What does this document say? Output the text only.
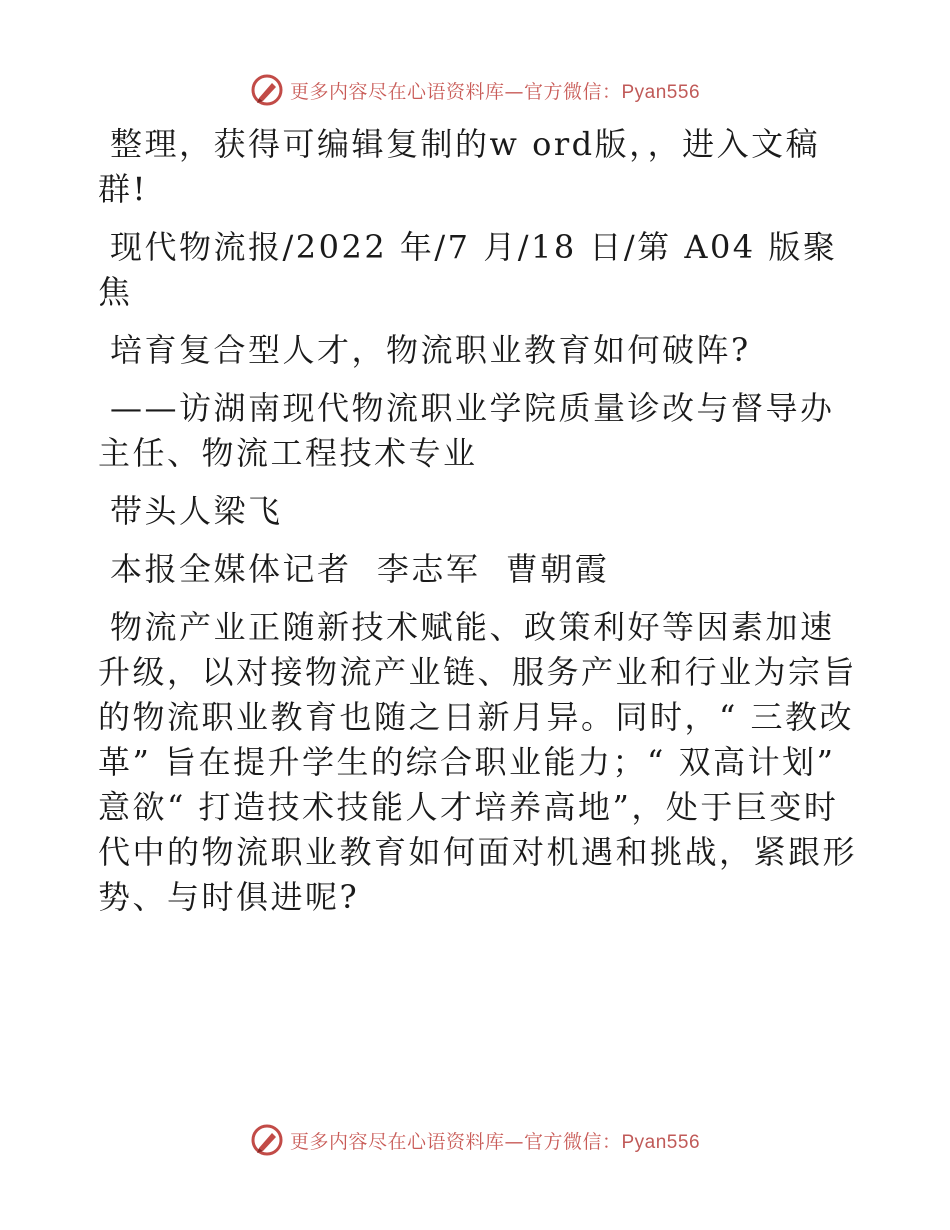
更多内容尽在心语资料库—官方微信：Pyan556

整理，获得可编辑复制的w ord版，，进入文稿群!

现代物流报/2022 年/7 月/18 日/第 A04 版聚焦

培育复合型人才，物流职业教育如何破阵?

——访湖南现代物流职业学院质量诊改与督导办主任、物流工程技术专业

带头人梁飞

本报全媒体记者  李志军  曹朝霞

物流产业正随新技术赋能、政策利好等因素加速升级，以对接物流产业链、服务产业和行业为宗旨的物流职业教育也随之日新月异。同时，“ 三教改革” 旨在提升学生的综合职业能力；“ 双高计划” 意欲“ 打造技术技能人才培养高地”，处于巨变时代中的物流职业教育如何面对机遇和挑战，紧跟形势、与时俱进呢?

更多内容尽在心语资料库—官方微信：Pyan556
